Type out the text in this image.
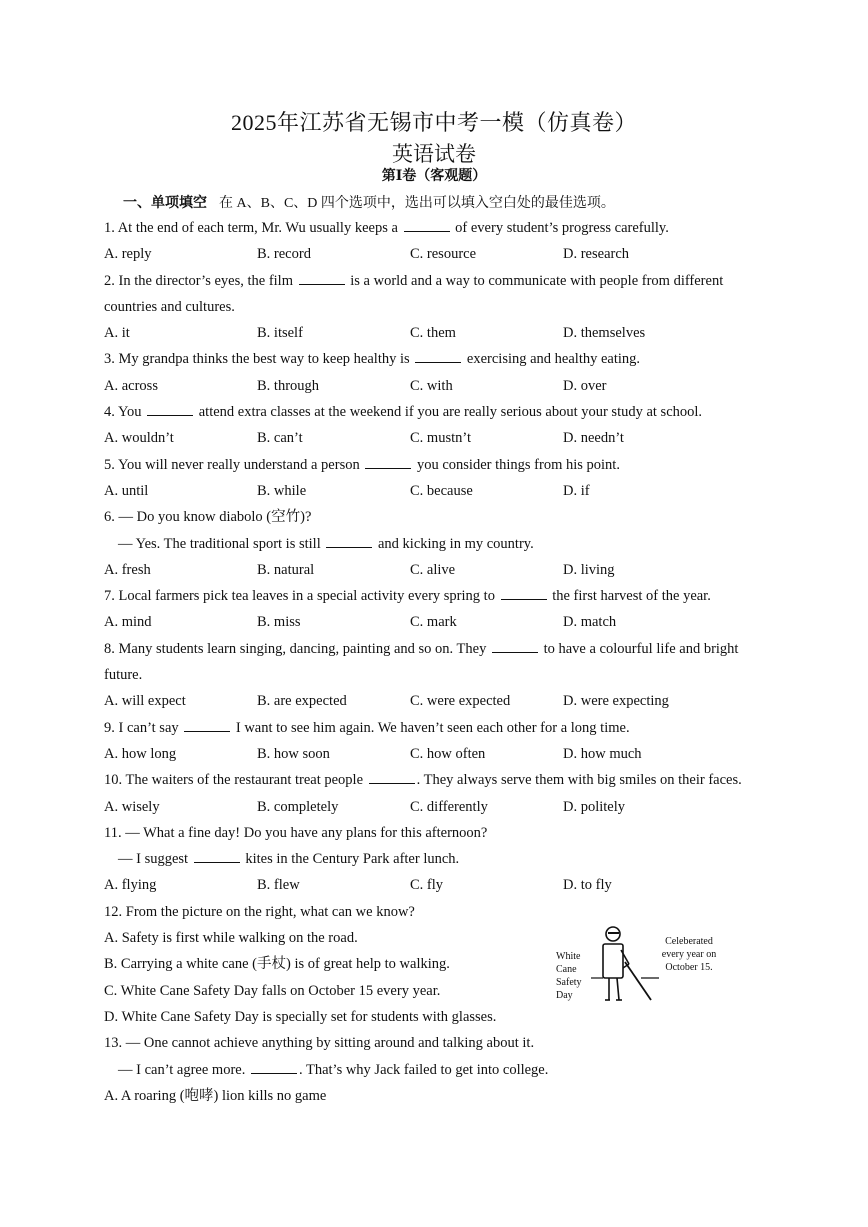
2025年江苏省无锡市中考一模（仿真卷）
英语试卷
第Ⅰ卷（客观题）
一、单项填空 在 A、B、C、D 四个选项中，选出可以填入空白处的最佳选项。
1. At the end of each term, Mr. Wu usually keeps a	of every student’s progress carefully.
A. reply	B. record	C. resource	D. research
2. In the director’s eyes, the film	is a world and a way to communicate with people from different
countries and cultures.
A. it	B. itself	C. them	D. themselves
3. My grandpa thinks the best way to keep healthy is	exercising and healthy eating.
A. across	B. through	C. with	D. over
4. You	attend extra classes at the weekend if you are really serious about your study at school.
A. wouldn’t	B. can’t	C. mustn’t	D. needn’t
5. You will never really understand a person	you consider things from his point.
A. until	B. while	C. because	D. if
6. — Do you know diabolo (空竹)?
— Yes. The traditional sport is still	and kicking in my country.
A. fresh	B. natural	C. alive	D. living
7. Local farmers pick tea leaves in a special activity every spring to	the first harvest of the year.
A. mind	B. miss	C. mark	D. match
8. Many students learn singing, dancing, painting and so on. They	to have a colourful life and bright
future.
A. will expect	B. are expected	C. were expected	D. were expecting
9. I can’t say	I want to see him again. We haven’t seen each other for a long time.
A. how long	B. how soon	C. how often	D. how much
10. The waiters of the restaurant treat people	. They always serve them with big smiles on their faces.
A. wisely	B. completely	C. differently	D. politely
11. — What a fine day! Do you have any plans for this afternoon?
— I suggest	kites in the Century Park after lunch.
A. flying	B. flew	C. fly	D. to fly
12. From the picture on the right, what can we know?
A. Safety is first while walking on the road.
B. Carrying a white cane (手杖) is of great help to walking.
C. White Cane Safety Day falls on October 15 every year.
D. White Cane Safety Day is specially set for students with glasses.
13. — One cannot achieve anything by sitting around and talking about it.
— I can’t agree more.	. That’s why Jack failed to get into college.
A. A roaring (咆哮) lion kills no game
White Cane Safety Day
Celeberated every year on October 15.
